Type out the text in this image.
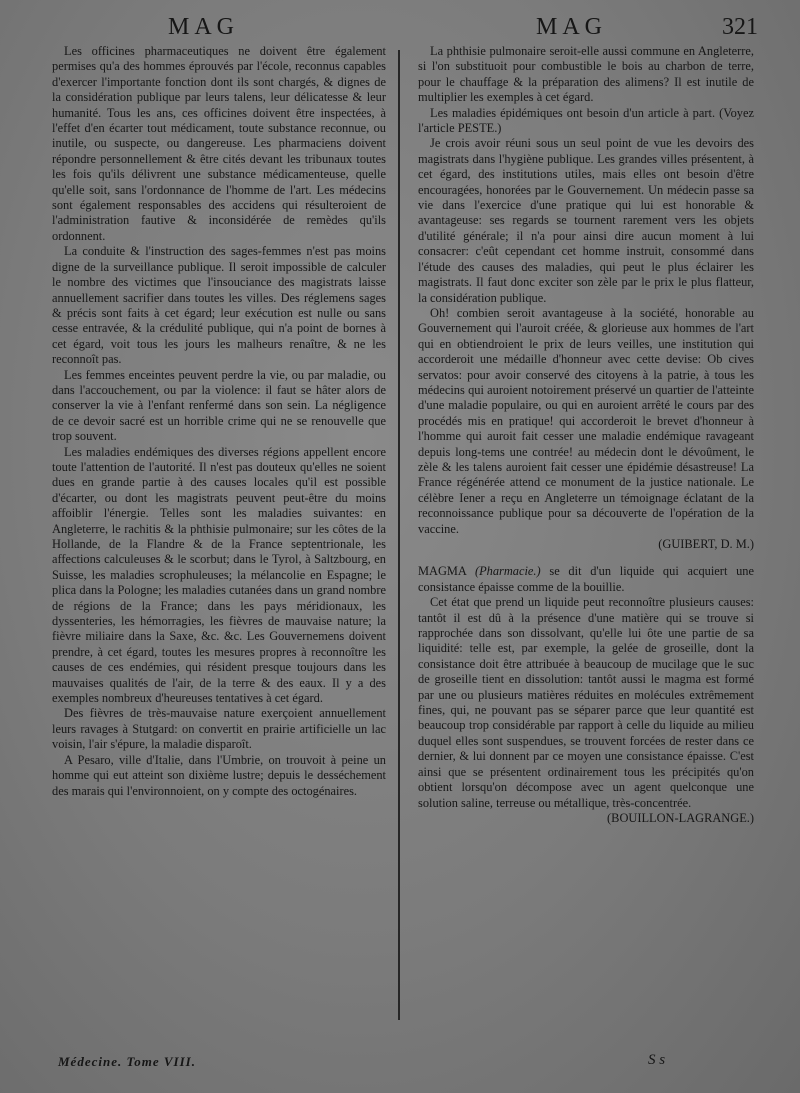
MAG	MAG	321

Les officines pharmaceutiques ne doivent être également permises qu'a des hommes éprouvés par l'école, reconnus capables d'exercer l'importante fonction dont ils sont chargés, & dignes de la considération publique par leurs talens, leur délicatesse & leur humanité. Tous les ans, ces officines doivent être inspectées, à l'effet d'en écarter tout médicament, toute substance reconnue, ou inutile, ou suspecte, ou dangereuse. Les pharmaciens doivent répondre personnellement & être cités devant les tribunaux toutes les fois qu'ils délivrent une substance médicamenteuse, quelle qu'elle soit, sans l'ordonnance de l'homme de l'art. Les médecins sont également responsables des accidens qui résulteroient de l'administration fautive & inconsidérée de remèdes qu'ils ordonnent.

La conduite & l'instruction des sages-femmes n'est pas moins digne de la surveillance publique. Il seroit impossible de calculer le nombre des victimes que l'insouciance des magistrats laisse annuellement sacrifier dans toutes les villes. Des réglemens sages & précis sont faits à cet égard; leur exécution est nulle ou sans cesse entravée, & la crédulité publique, qui n'a point de bornes à cet égard, voit tous les jours les malheurs renaître, & ne les reconnoît pas.

Les femmes enceintes peuvent perdre la vie, ou par maladie, ou dans l'accouchement, ou par la violence: il faut se hâter alors de conserver la vie à l'enfant renfermé dans son sein. La négligence de ce devoir sacré est un horrible crime qui ne se renouvelle que trop souvent.

Les maladies endémiques des diverses régions appellent encore toute l'attention de l'autorité. Il n'est pas douteux qu'elles ne soient dues en grande partie à des causes locales qu'il est possible d'écarter, ou dont les magistrats peuvent peut-être du moins affoiblir l'énergie. Telles sont les maladies suivantes: en Angleterre, le rachitis & la phthisie pulmonaire; sur les côtes de la Hollande, de la Flandre & de la France septentrionale, les affections calculeuses & le scorbut; dans le Tyrol, à Saltzbourg, en Suisse, les maladies scrophuleuses; la mélancolie en Espagne; le plica dans la Pologne; les maladies cutanées dans un grand nombre de régions de la France; dans les pays méridionaux, les dyssenteries, les hémorragies, les fièvres de mauvaise nature; la fièvre miliaire dans la Saxe, &c. &c. Les Gouvernemens doivent prendre, à cet égard, toutes les mesures propres à reconnoître les causes de ces endémies, qui résident presque toujours dans les mauvaises qualités de l'air, de la terre & des eaux. Il y a des exemples nombreux d'heureuses tentatives à cet égard.

Des fièvres de très-mauvaise nature exerçoient annuellement leurs ravages à Stutgard: on convertit en prairie artificielle un lac voisin, l'air s'épure, la maladie disparoît.

A Pesaro, ville d'Italie, dans l'Umbrie, on trouvoit à peine un homme qui eut atteint son dixième lustre; depuis le desséchement des marais qui l'environnoient, on y compte des octogénaires.

La phthisie pulmonaire seroit-elle aussi commune en Angleterre, si l'on substituoit pour combustible le bois au charbon de terre, pour le chauffage & la préparation des alimens? Il est inutile de multiplier les exemples à cet égard.

Les maladies épidémiques ont besoin d'un article à part. (Voyez l'article PESTE.)

Je crois avoir réuni sous un seul point de vue les devoirs des magistrats dans l'hygiène publique. Les grandes villes présentent, à cet égard, des institutions utiles, mais elles ont besoin d'être encouragées, honorées par le Gouvernement. Un médecin passe sa vie dans l'exercice d'une pratique qui lui est honorable & avantageuse: ses regards se tournent rarement vers les objets d'utilité générale; il n'a pour ainsi dire aucun moment à lui consacrer: c'eût cependant cet homme instruit, consommé dans l'étude des causes des maladies, qui peut le plus éclairer les magistrats. Il faut donc exciter son zèle par le prix le plus flatteur, la considération publique.

Oh! combien seroit avantageuse à la société, honorable au Gouvernement qui l'auroit créée, & glorieuse aux hommes de l'art qui en obtiendroient le prix de leurs veilles, une institution qui accorderoit une médaille d'honneur avec cette devise: Ob cives servatos: pour avoir conservé des citoyens à la patrie, à tous les médecins qui auroient notoirement préservé un quartier de l'atteinte d'une maladie populaire, ou qui en auroient arrêté le cours par des procédés mis en pratique! qui accorderoit le brevet d'honneur à l'homme qui auroit fait cesser une maladie endémique ravageant depuis long-tems une contrée! au médecin dont le dévoûment, le zèle & les talens auroient fait cesser une épidémie désastreuse! La France régénérée attend ce monument de la justice nationale. Le célèbre Iener a reçu en Angleterre un témoignage éclatant de la reconnoissance publique pour sa découverte de l'opération de la vaccine.

(GUIBERT, D. M.)

MAGMA (Pharmacie.) se dit d'un liquide qui acquiert une consistance épaisse comme de la bouillie.

Cet état que prend un liquide peut reconnoître plusieurs causes: tantôt il est dû à la présence d'une matière qui se trouve si rapprochée dans son dissolvant, qu'elle lui ôte une partie de sa liquidité: telle est, par exemple, la gelée de groseille, dont la consistance doit être attribuée à beaucoup de mucilage que le suc de groseille tient en dissolution: tantôt aussi le magma est formé par une ou plusieurs matières réduites en molécules extrêmement fines, qui, ne pouvant pas se séparer parce que leur quantité est beaucoup trop considérable par rapport à celle du liquide au milieu duquel elles sont suspendues, se trouvent forcées de rester dans ce dernier, & lui donnent par ce moyen une consistance épaisse. C'est ainsi que se présentent ordinairement tous les précipités qu'on obtient lorsqu'on décompose avec un agent quelconque une solution saline, terreuse ou métallique, très-concentrée.

(BOUILLON-LAGRANGE.)

Médecine. Tome VIII.	S s
